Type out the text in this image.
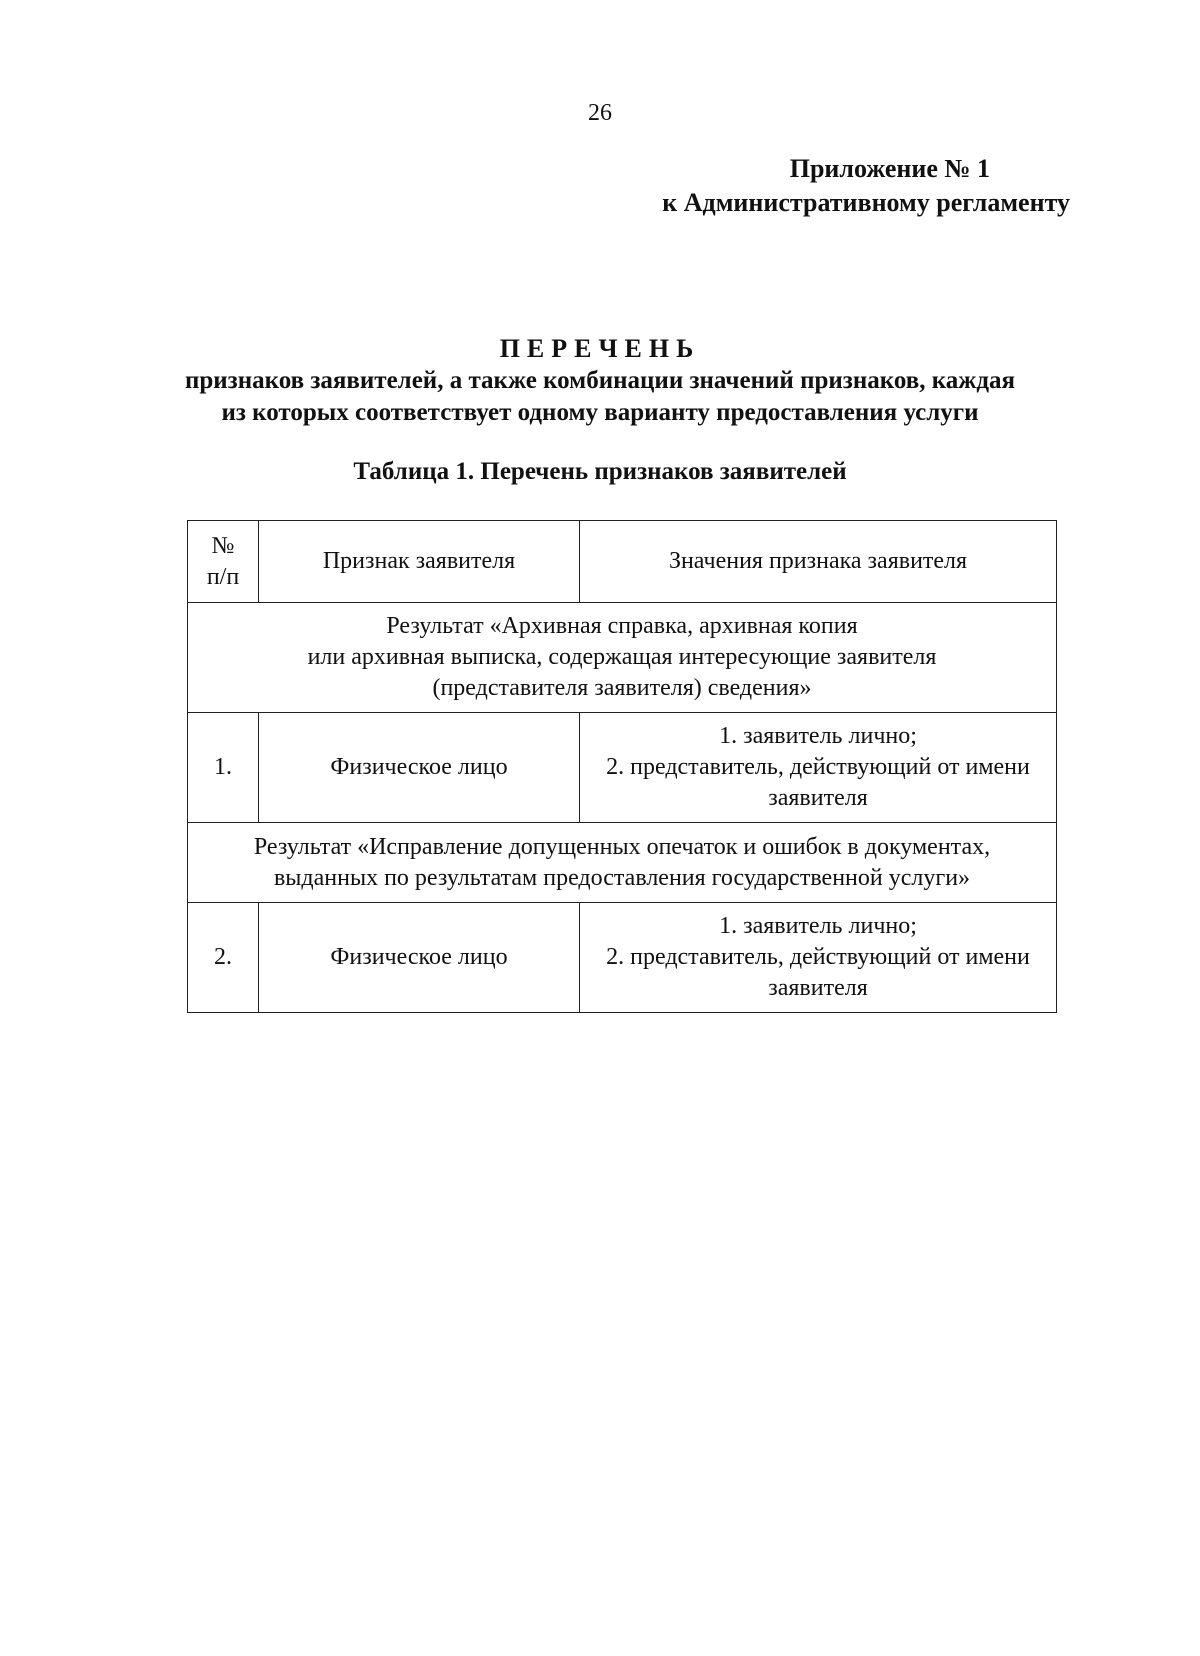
26
Приложение № 1
к Административному регламенту
ПЕРЕЧЕНЬ
признаков заявителей, а также комбинации значений признаков, каждая
из которых соответствует одному варианту предоставления услуги
Таблица 1. Перечень признаков заявителей
№
п/п	Признак заявителя	Значения признака заявителя

Результат «Архивная справка, архивная копия
или архивная выписка, содержащая интересующие заявителя
(представителя заявителя) сведения»		

1.	Физическое лицо	1. заявитель лично;
2. представитель, действующий от имени
заявителя

Результат «Исправление допущенных опечаток и ошибок в документах,
выданных по результатам предоставления государственной услуги»		

2.	Физическое лицо	1. заявитель лично;
2. представитель, действующий от имени
заявителя
